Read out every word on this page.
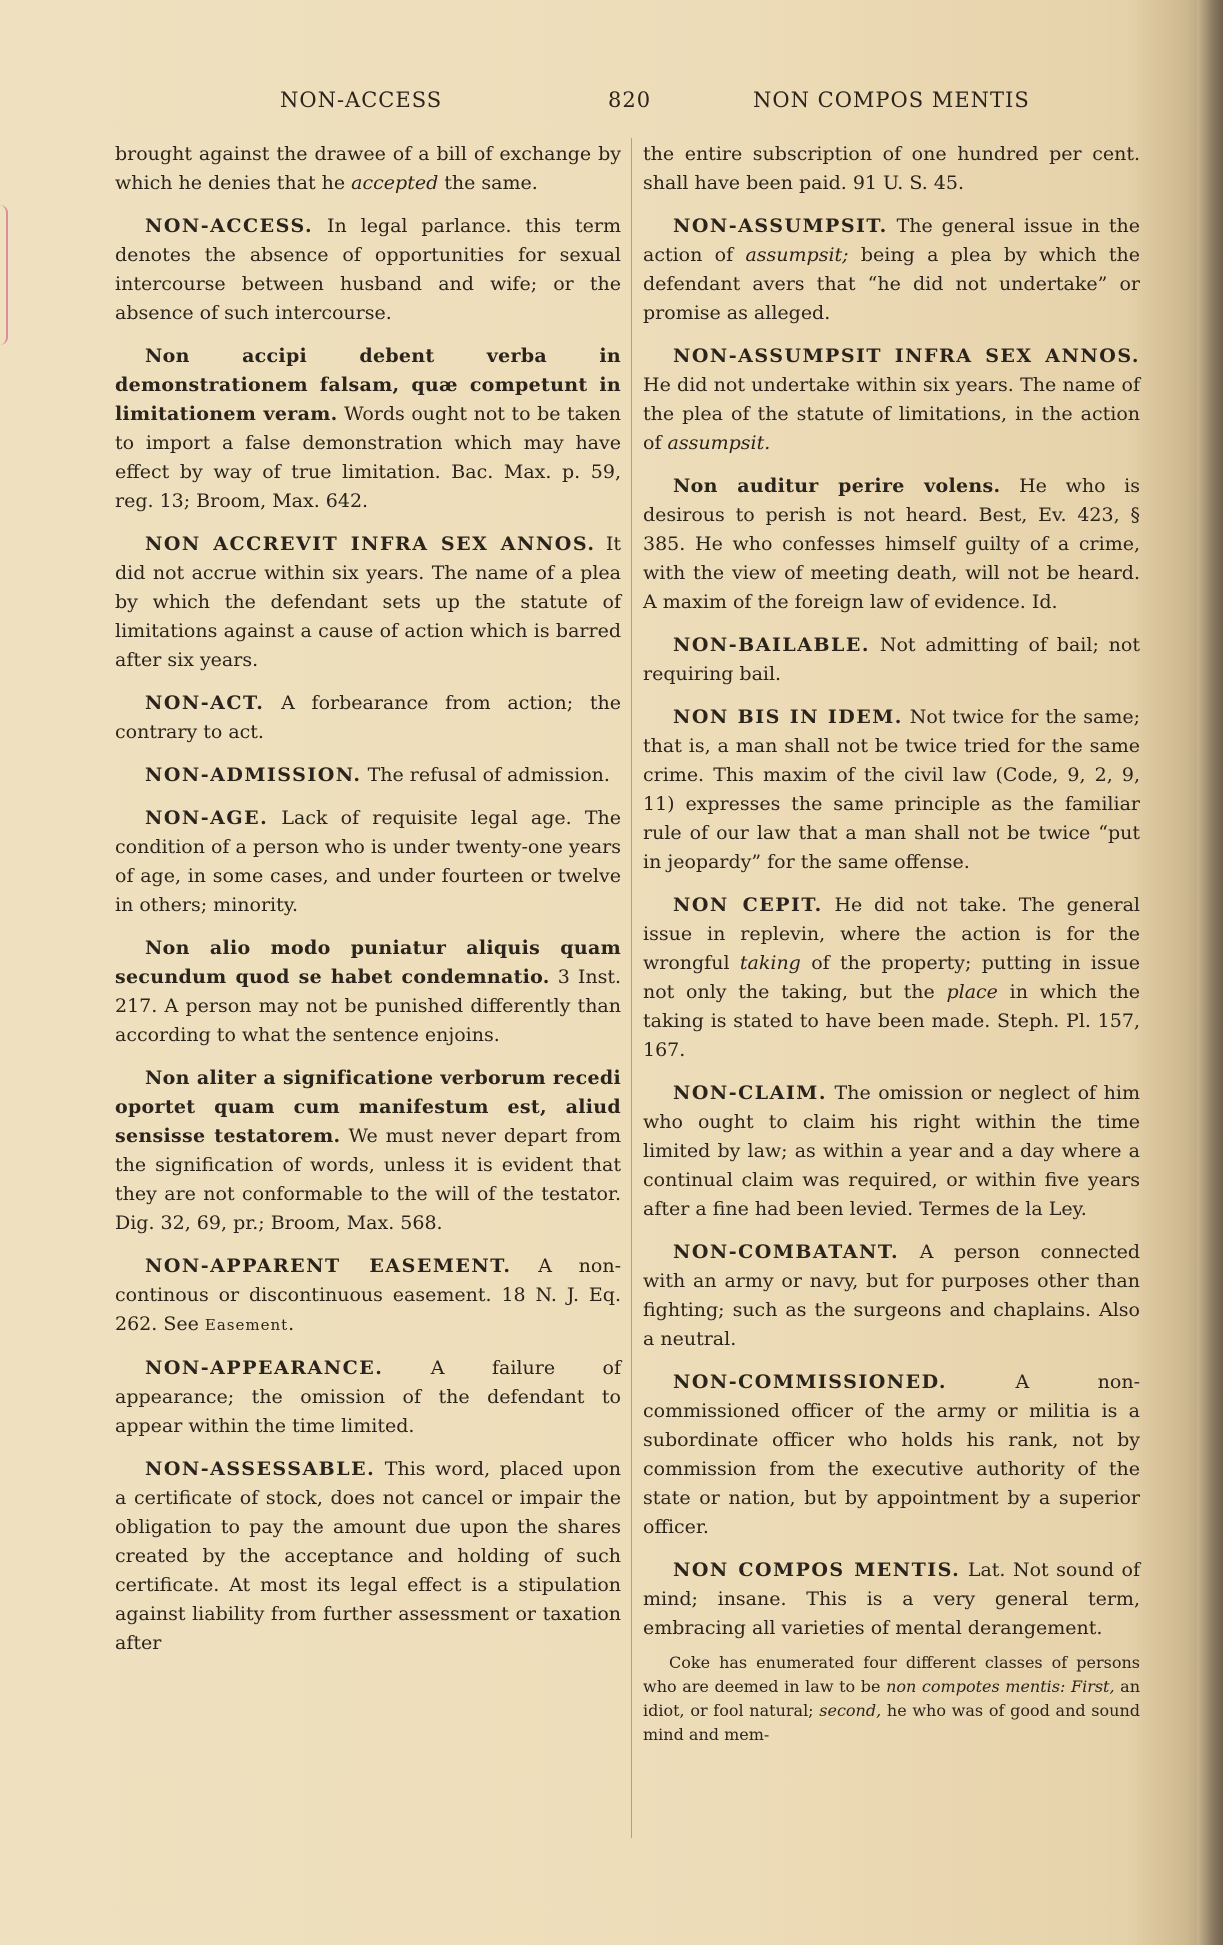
NON-ACCESS	820	NON COMPOS MENTIS

brought against the drawee of a bill of exchange by which he denies that he accepted the same.

NON-ACCESS. In legal parlance. this term denotes the absence of opportunities for sexual intercourse between husband and wife; or the absence of such intercourse.

Non accipi debent verba in demonstrationem falsam, quæ competunt in limitationem veram. Words ought not to be taken to import a false demonstration which may have effect by way of true limitation. Bac. Max. p. 59, reg. 13; Broom, Max. 642.

NON ACCREVIT INFRA SEX ANNOS. It did not accrue within six years. The name of a plea by which the defendant sets up the statute of limitations against a cause of action which is barred after six years.

NON-ACT. A forbearance from action; the contrary to act.

NON-ADMISSION. The refusal of admission.

NON-AGE. Lack of requisite legal age. The condition of a person who is under twenty-one years of age, in some cases, and under fourteen or twelve in others; minority.

Non alio modo puniatur aliquis quam secundum quod se habet condemnatio. 3 Inst. 217. A person may not be punished differently than according to what the sentence enjoins.

Non aliter a significatione verborum recedi oportet quam cum manifestum est, aliud sensisse testatorem. We must never depart from the signification of words, unless it is evident that they are not conformable to the will of the testator. Dig. 32, 69, pr.; Broom, Max. 568.

NON-APPARENT EASEMENT. A non-continous or discontinuous easement. 18 N. J. Eq. 262. See Easement.

NON-APPEARANCE. A failure of appearance; the omission of the defendant to appear within the time limited.

NON-ASSESSABLE. This word, placed upon a certificate of stock, does not cancel or impair the obligation to pay the amount due upon the shares created by the acceptance and holding of such certificate. At most its legal effect is a stipulation against liability from further assessment or taxation after

the entire subscription of one hundred per cent. shall have been paid. 91 U. S. 45.

NON-ASSUMPSIT. The general issue in the action of assumpsit; being a plea by which the defendant avers that “he did not undertake” or promise as alleged.

NON-ASSUMPSIT INFRA SEX ANNOS. He did not undertake within six years. The name of the plea of the statute of limitations, in the action of assumpsit.

Non auditur perire volens. He who is desirous to perish is not heard. Best, Ev. 423, § 385. He who confesses himself guilty of a crime, with the view of meeting death, will not be heard. A maxim of the foreign law of evidence. Id.

NON-BAILABLE. Not admitting of bail; not requiring bail.

NON BIS IN IDEM. Not twice for the same; that is, a man shall not be twice tried for the same crime. This maxim of the civil law (Code, 9, 2, 9, 11) expresses the same principle as the familiar rule of our law that a man shall not be twice “put in jeopardy” for the same offense.

NON CEPIT. He did not take. The general issue in replevin, where the action is for the wrongful taking of the property; putting in issue not only the taking, but the place in which the taking is stated to have been made. Steph. Pl. 157, 167.

NON-CLAIM. The omission or neglect of him who ought to claim his right within the time limited by law; as within a year and a day where a continual claim was required, or within five years after a fine had been levied. Termes de la Ley.

NON-COMBATANT. A person connected with an army or navy, but for purposes other than fighting; such as the surgeons and chaplains. Also a neutral.

NON-COMMISSIONED. A non-commissioned officer of the army or militia is a subordinate officer who holds his rank, not by commission from the executive authority of the state or nation, but by appointment by a superior officer.

NON COMPOS MENTIS. Lat. Not sound of mind; insane. This is a very general term, embracing all varieties of mental derangement.

Coke has enumerated four different classes of persons who are deemed in law to be non compotes mentis: First, an idiot, or fool natural; second, he who was of good and sound mind and mem-
